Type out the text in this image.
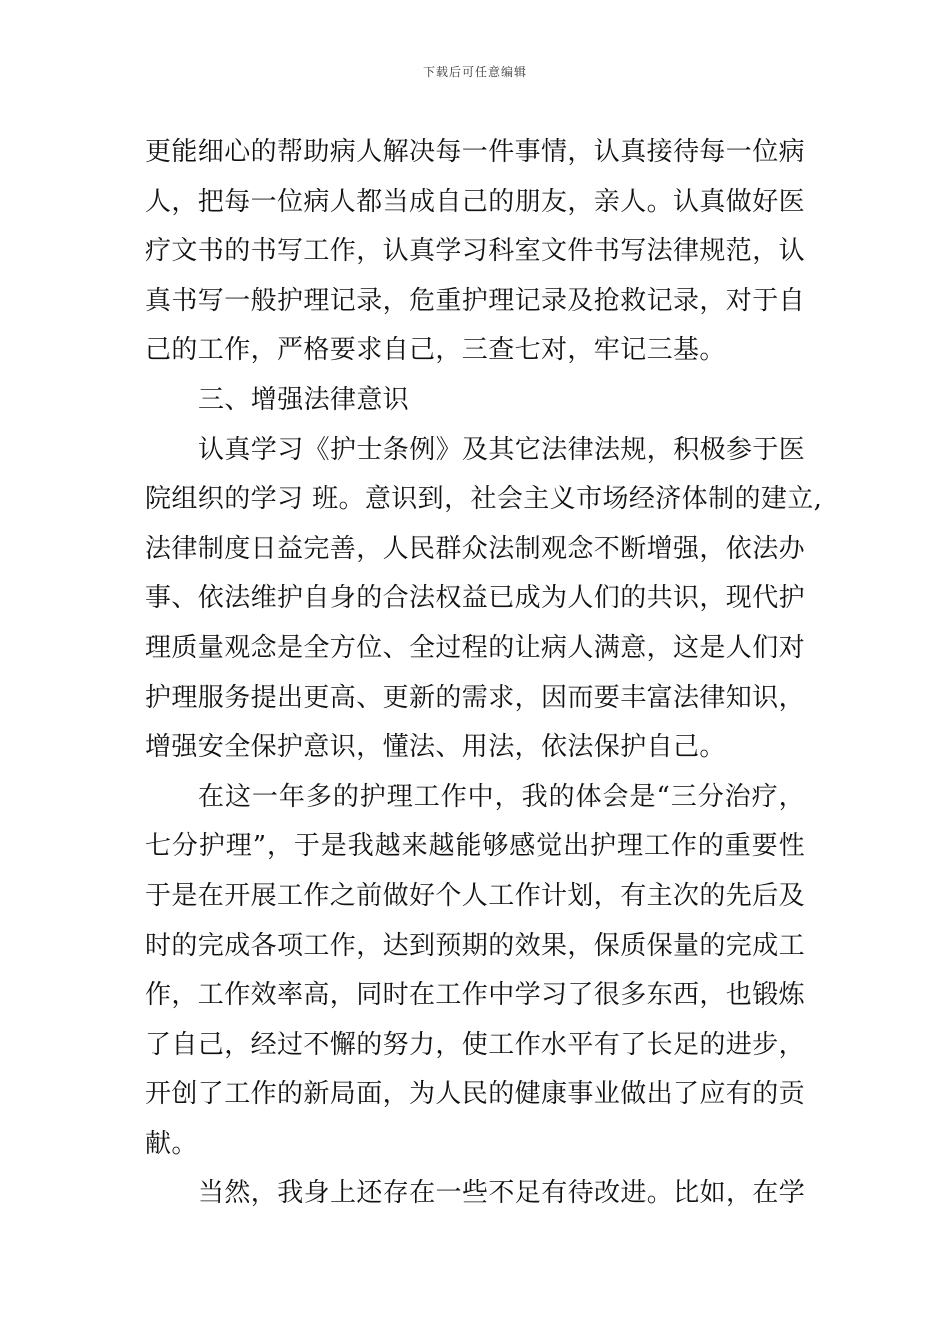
下载后可任意编辑
更能细心的帮助病人解决每一件事情，认真接待每一位病
人，把每一位病人都当成自己的朋友，亲人。认真做好医
疗文书的书写工作，认真学习科室文件书写法律规范，认
真书写一般护理记录，危重护理记录及抢救记录，对于自
己的工作，严格要求自己，三查七对，牢记三基。
三、增强法律意识
认真学习《护士条例》及其它法律法规，积极参于医
院组织的学习 班。意识到，社会主义市场经济体制的建立,
法律制度日益完善，人民群众法制观念不断增强，依法办
事、依法维护自身的合法权益已成为人们的共识，现代护
理质量观念是全方位、全过程的让病人满意，这是人们对
护理服务提出更高、更新的需求，因而要丰富法律知识，
增强安全保护意识，懂法、用法，依法保护自己。
在这一年多的护理工作中，我的体会是“三分治疗，
七分护理”，于是我越来越能够感觉出护理工作的重要性
于是在开展工作之前做好个人工作计划，有主次的先后及
时的完成各项工作，达到预期的效果，保质保量的完成工
作，工作效率高，同时在工作中学习了很多东西，也锻炼
了自己，经过不懈的努力，使工作水平有了长足的进步，
开创了工作的新局面，为人民的健康事业做出了应有的贡
献。
当然，我身上还存在一些不足有待改进。比如，在学
